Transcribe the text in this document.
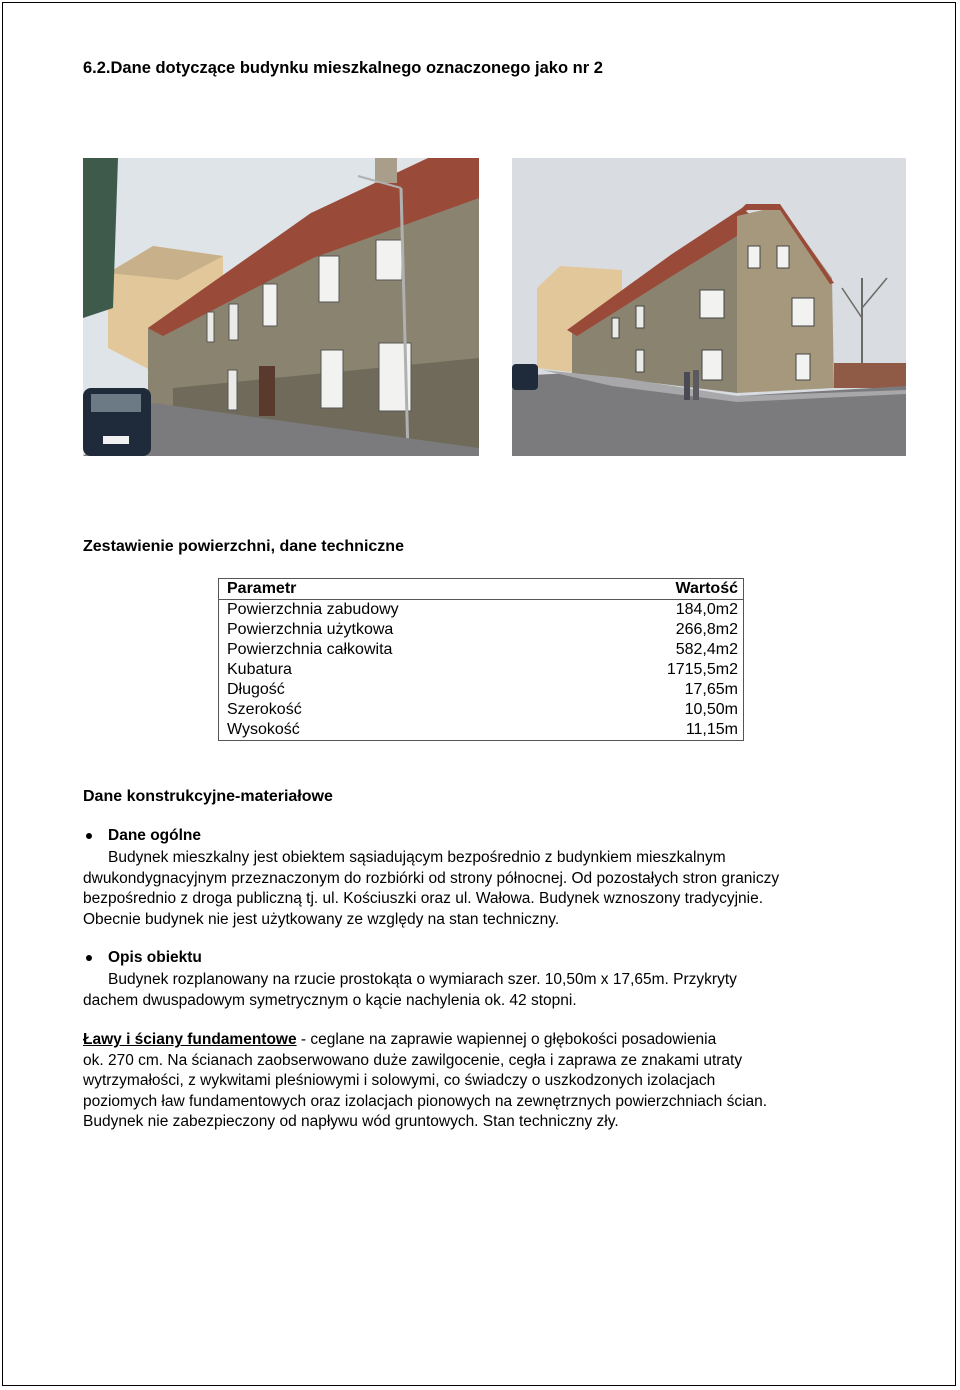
6.2.Dane dotyczące budynku mieszkalnego oznaczonego jako nr 2
Zestawienie powierzchni, dane techniczne
Parametr	Wartość
Powierzchnia zabudowy	184,0m2
Powierzchnia użytkowa	266,8m2
Powierzchnia całkowita	582,4m2
Kubatura	1715,5m2
Długość	17,65m
Szerokość	10,50m
Wysokość	11,15m
Dane konstrukcyjne-materiałowe
Dane ogólne
Budynek mieszkalny jest obiektem sąsiadującym bezpośrednio z budynkiem mieszkalnym
dwukondygnacyjnym przeznaczonym do rozbiórki od strony północnej. Od pozostałych stron graniczy
bezpośrednio z droga publiczną tj. ul. Kościuszki oraz ul. Wałowa. Budynek wznoszony tradycyjnie.
Obecnie budynek nie jest użytkowany ze względy na stan techniczny.
Opis obiektu
Budynek rozplanowany na rzucie prostokąta o wymiarach szer. 10,50m x 17,65m. Przykryty
dachem dwuspadowym symetrycznym o kącie nachylenia ok. 42 stopni.
Ławy i ściany fundamentowe - ceglane na zaprawie wapiennej o głębokości posadowienia
ok. 270 cm. Na ścianach zaobserwowano duże zawilgocenie, cegła i zaprawa ze znakami utraty
wytrzymałości, z wykwitami pleśniowymi i solowymi, co świadczy o uszkodzonych izolacjach
poziomych ław fundamentowych oraz izolacjach pionowych na zewnętrznych powierzchniach ścian.
Budynek nie zabezpieczony od napływu wód gruntowych. Stan techniczny zły.
